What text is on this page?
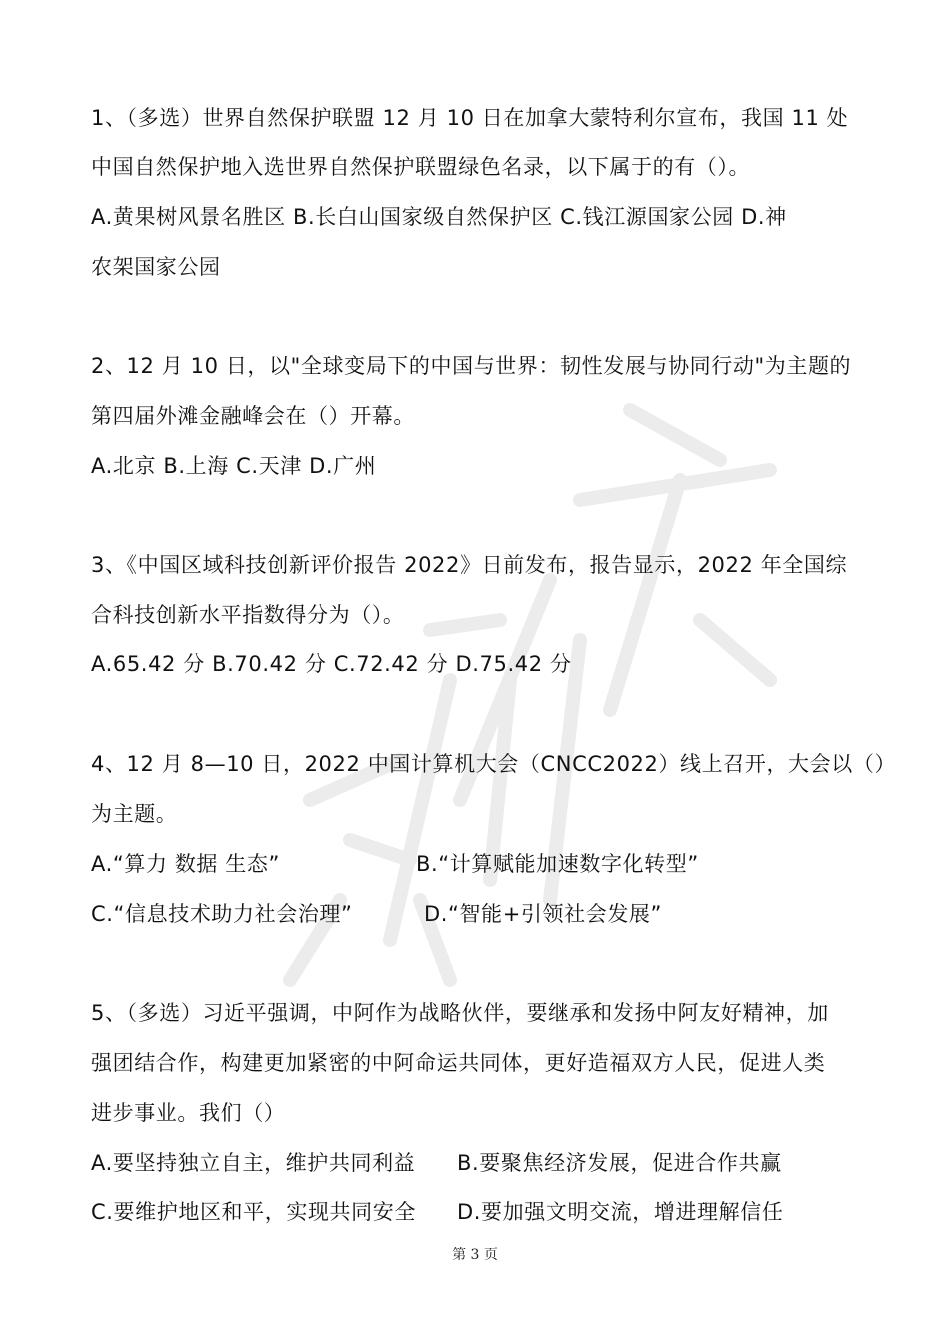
1、（多选）世界自然保护联盟 12 月 10 日在加拿大蒙特利尔宣布，我国 11 处
中国自然保护地入选世界自然保护联盟绿色名录，以下属于的有（）。
A.黄果树风景名胜区 B.长白山国家级自然保护区 C.钱江源国家公园 D.神
农架国家公园
2、12 月 10 日，以"全球变局下的中国与世界：韧性发展与协同行动"为主题的
第四届外滩金融峰会在（）开幕。
A.北京 B.上海 C.天津 D.广州
3、《中国区域科技创新评价报告 2022》日前发布，报告显示，2022 年全国综
合科技创新水平指数得分为（）。
A.65.42 分 B.70.42 分 C.72.42 分 D.75.42 分
4、12 月 8—10 日，2022 中国计算机大会（CNCC2022）线上召开，大会以（）
为主题。
A.“算力 数据 生态”	B.“计算赋能加速数字化转型”
C.“信息技术助力社会治理”	D.“智能+引领社会发展”
5、（多选）习近平强调，中阿作为战略伙伴，要继承和发扬中阿友好精神，加
强团结合作，构建更加紧密的中阿命运共同体，更好造福双方人民，促进人类
进步事业。我们（）
A.要坚持独立自主，维护共同利益 B.要聚焦经济发展，促进合作共赢
C.要维护地区和平，实现共同安全 D.要加强文明交流，增进理解信任
第 3 页
